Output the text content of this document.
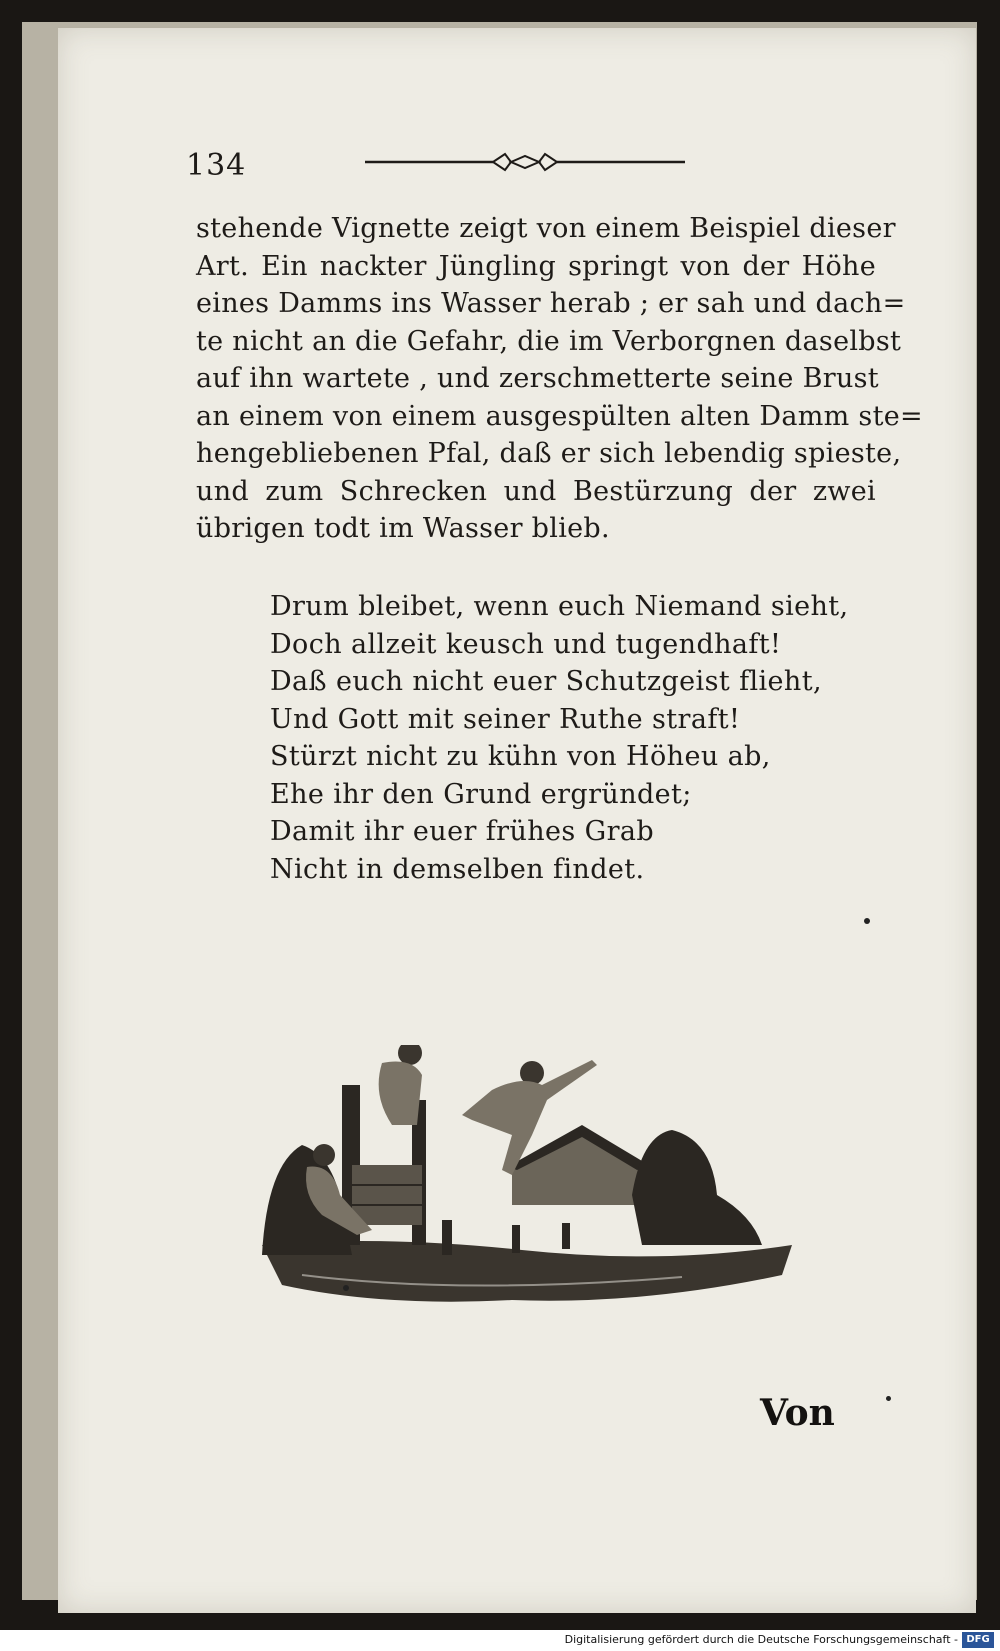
134
stehende Vignette zeigt von einem Beispiel dieser
Art. Ein nackter Jüngling springt von der Höhe
eines Damms ins Wasser herab ; er sah und dach=
te nicht an die Gefahr, die im Verborgnen daselbst
auf ihn wartete , und zerschmetterte seine Brust
an einem von einem ausgespülten alten Damm ste=
hengebliebenen Pfal, daß er sich lebendig spieste,
und zum Schrecken und Bestürzung der zwei
übrigen todt im Wasser blieb.
Drum bleibet, wenn euch Niemand sieht,
Doch allzeit keusch und tugendhaft!
Daß euch nicht euer Schutzgeist flieht,
Und Gott mit seiner Ruthe straft!
Stürzt nicht zu kühn von Höheu ab,
Ehe ihr den Grund ergründet;
Damit ihr euer frühes Grab
Nicht in demselben findet.
Von
Digitalisierung gefördert durch die Deutsche Forschungsgemeinschaft - DFG
